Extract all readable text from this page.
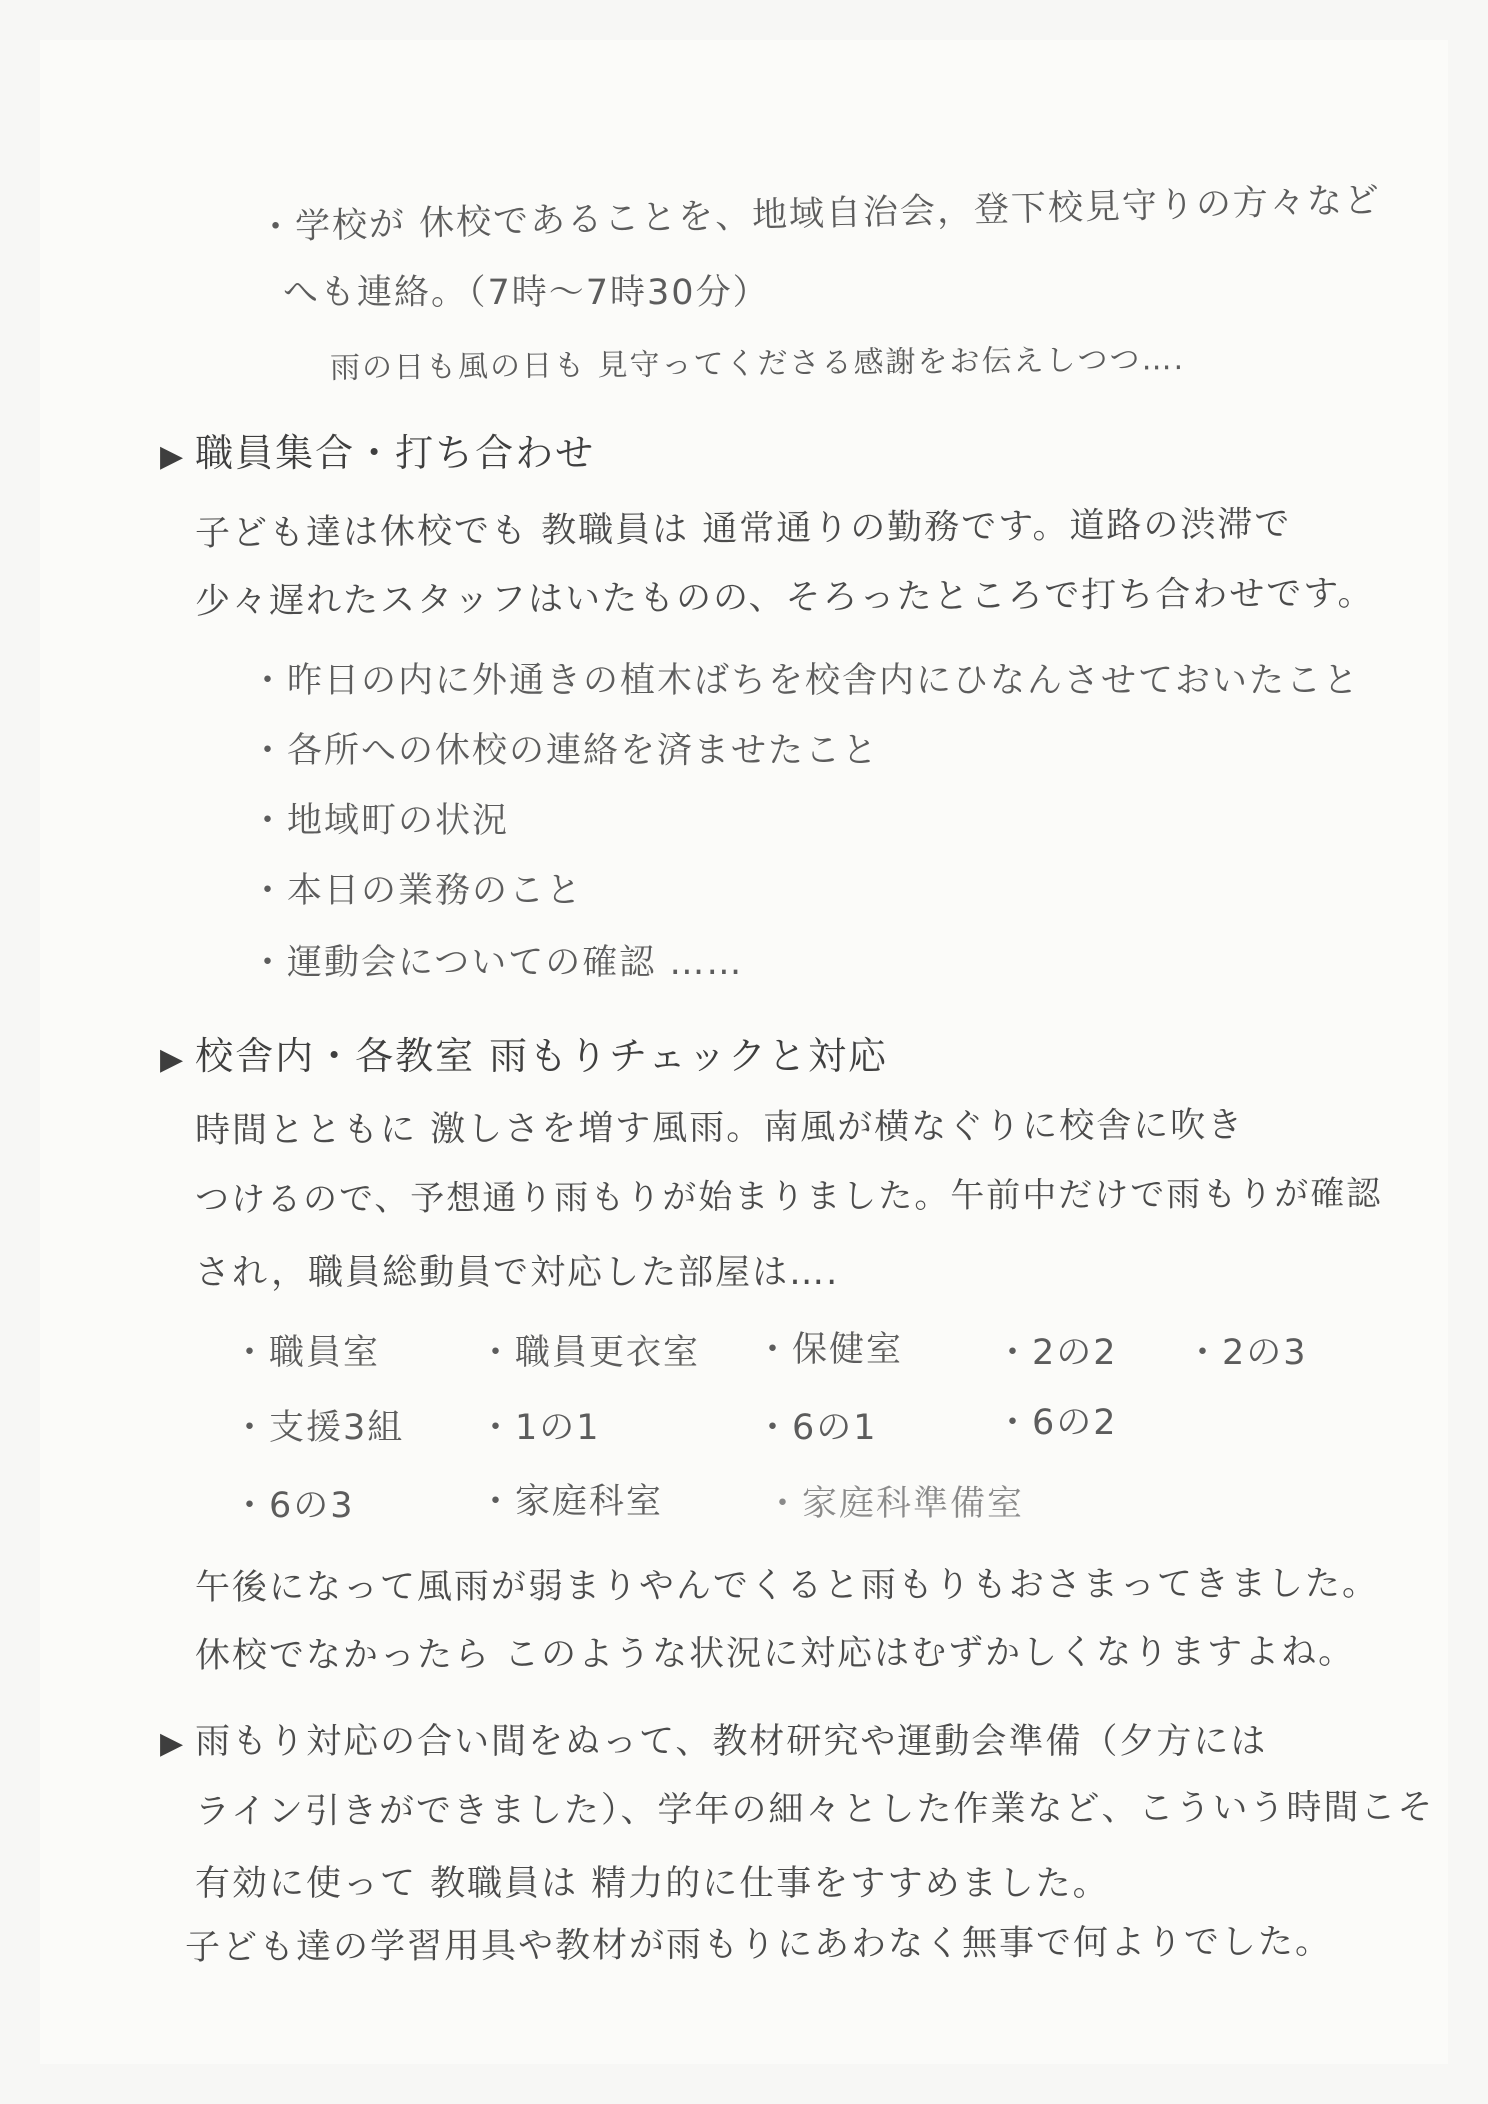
・学校が 休校であることを、地域自治会，登下校見守りの方々など
へも連絡。（7時〜7時30分）
雨の日も風の日も 見守ってくださる感謝をお伝えしつつ….
▶ 職員集合・打ち合わせ
子ども達は休校でも 教職員は 通常通りの勤務です。道路の渋滞で
少々遅れたスタッフはいたものの、そろったところで打ち合わせです。
・昨日の内に外通きの植木ばちを校舎内にひなんさせておいたこと
・各所への休校の連絡を済ませたこと
・地域町の状況
・本日の業務のこと
・運動会についての確認 ……
▶ 校舎内・各教室 雨もりチェックと対応
時間とともに 激しさを増す風雨。南風が横なぐりに校舎に吹き
つけるので、予想通り雨もりが始まりました。午前中だけで雨もりが確認
され，職員総動員で対応した部屋は….
・職員室	・職員更衣室 ・保健室	・2の2 ・2の3
・支援3組 ・1の1	・6の1	・6の2
・6の3	・家庭科室	・家庭科準備室
午後になって風雨が弱まりやんでくると雨もりもおさまってきました。
休校でなかったら このような状況に対応はむずかしくなりますよね。
▶ 雨もり対応の合い間をぬって、教材研究や運動会準備（夕方には
ライン引きができました）、学年の細々とした作業など、こういう時間こそ
有効に使って 教職員は 精力的に仕事をすすめました。
子ども達の学習用具や教材が雨もりにあわなく無事で何よりでした。
